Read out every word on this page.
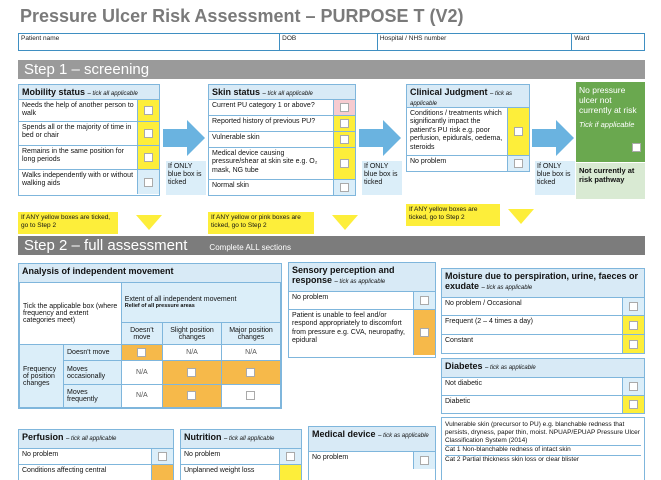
Pressure Ulcer Risk Assessment – PURPOSE T (V2)
Patient name	DOB	Hospital / NHS number	Ward
Step 1 – screening
Mobility status – tick all applicable
Needs the help of another person to walk
Spends all or the majority of time in bed or chair
Remains in the same position for long periods
Walks independently with or without walking aids
If ONLY blue box is ticked
Skin status – tick all applicable
Current PU category 1 or above?
Reported history of previous PU?
Vulnerable skin
Medical device causing pressure/shear at skin site e.g. O₂ mask, NG tube
Normal skin
If ONLY blue box is ticked
Clinical Judgment – tick as applicable
Conditions / treatments which significantly impact the patient's PU risk e.g. poor perfusion, epidurals, oedema, steroids
No problem
If ONLY blue box is ticked
No pressure ulcer not currently at risk
Tick if applicable
Not currently at risk pathway
If ANY yellow boxes are ticked, go to Step 2
If ANY yellow or pink boxes are ticked, go to Step 2
If ANY yellow boxes are ticked, go to Step 2
Step 2 – full assessment	Complete ALL sections
Analysis of independent movement
Tick the applicable box (where frequency and extent categories meet)		Extent of all independent movement
Relief of all pressure areas		

		Doesn't move	Slight position changes	Major position changes
Frequency of position changes	Doesn't move		N/A	N/A
	Moves occasionally	N/A	

	Moves frequently	N/A	

Sensory perception and response – tick as applicable
No problem
Patient is unable to feel and/or respond appropriately to discomfort from pressure e.g. CVA, neuropathy, epidural
Moisture due to perspiration, urine, faeces or exudate – tick as applicable
No problem / Occasional
Frequent (2 – 4 times a day)
Constant
Diabetes – tick as applicable
Not diabetic
Diabetic
Vulnerable skin (precursor to PU) e.g. blanchable redness that persists, dryness, paper thin, moist. NPUAP/EPUAP Pressure Ulcer Classification System (2014)
Cat 1 Non-blanchable redness of intact skin
Cat 2 Partial thickness skin loss or clear blister
Perfusion – tick all applicable
No problem
Conditions affecting central
Nutrition – tick all applicable
No problem
Unplanned weight loss
Medical device – tick as applicable
No problem
